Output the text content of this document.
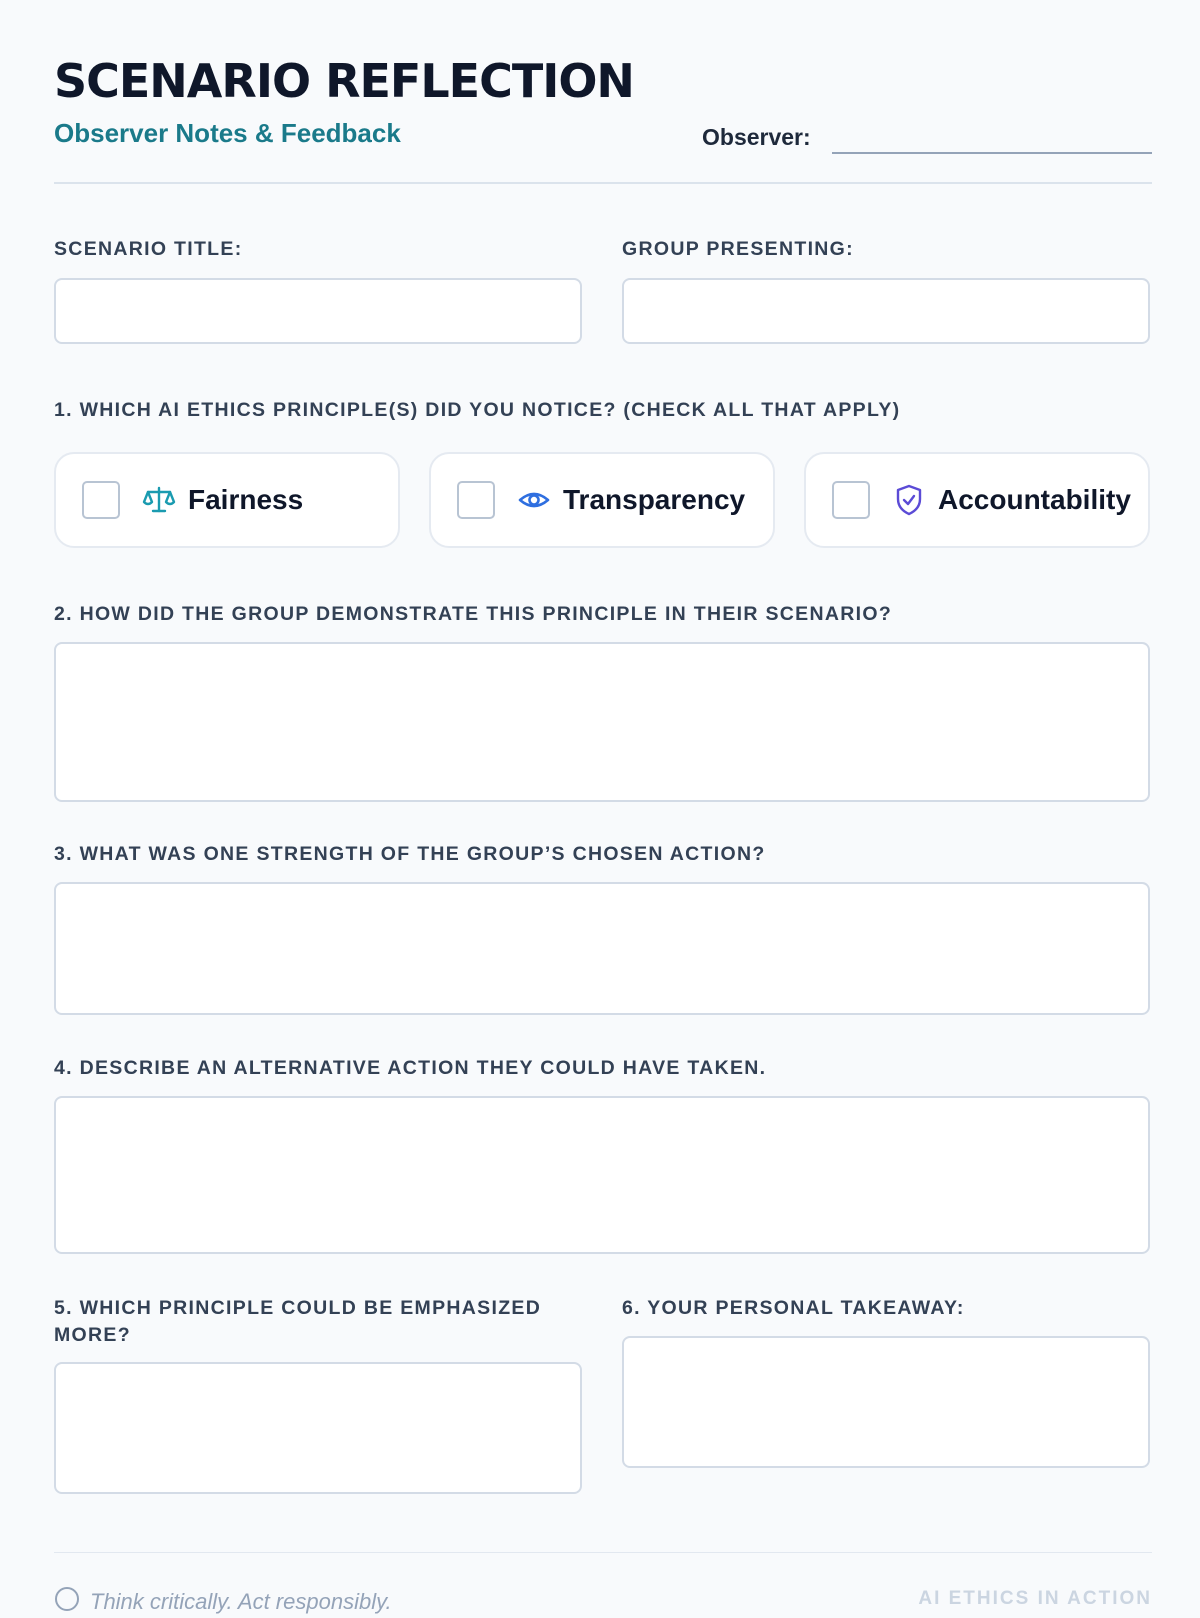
SCENARIO REFLECTION
Observer Notes & Feedback	Observer:
SCENARIO TITLE:	GROUP PRESENTING:
1. WHICH AI ETHICS PRINCIPLE(S) DID YOU NOTICE? (CHECK ALL THAT APPLY)
Fairness	Transparency	Accountability
2. HOW DID THE GROUP DEMONSTRATE THIS PRINCIPLE IN THEIR SCENARIO?
3. WHAT WAS ONE STRENGTH OF THE GROUP’S CHOSEN ACTION?
4. DESCRIBE AN ALTERNATIVE ACTION THEY COULD HAVE TAKEN.
5. WHICH PRINCIPLE COULD BE EMPHASIZED MORE?
6. YOUR PERSONAL TAKEAWAY:
Think critically. Act responsibly.	AI ETHICS IN ACTION
